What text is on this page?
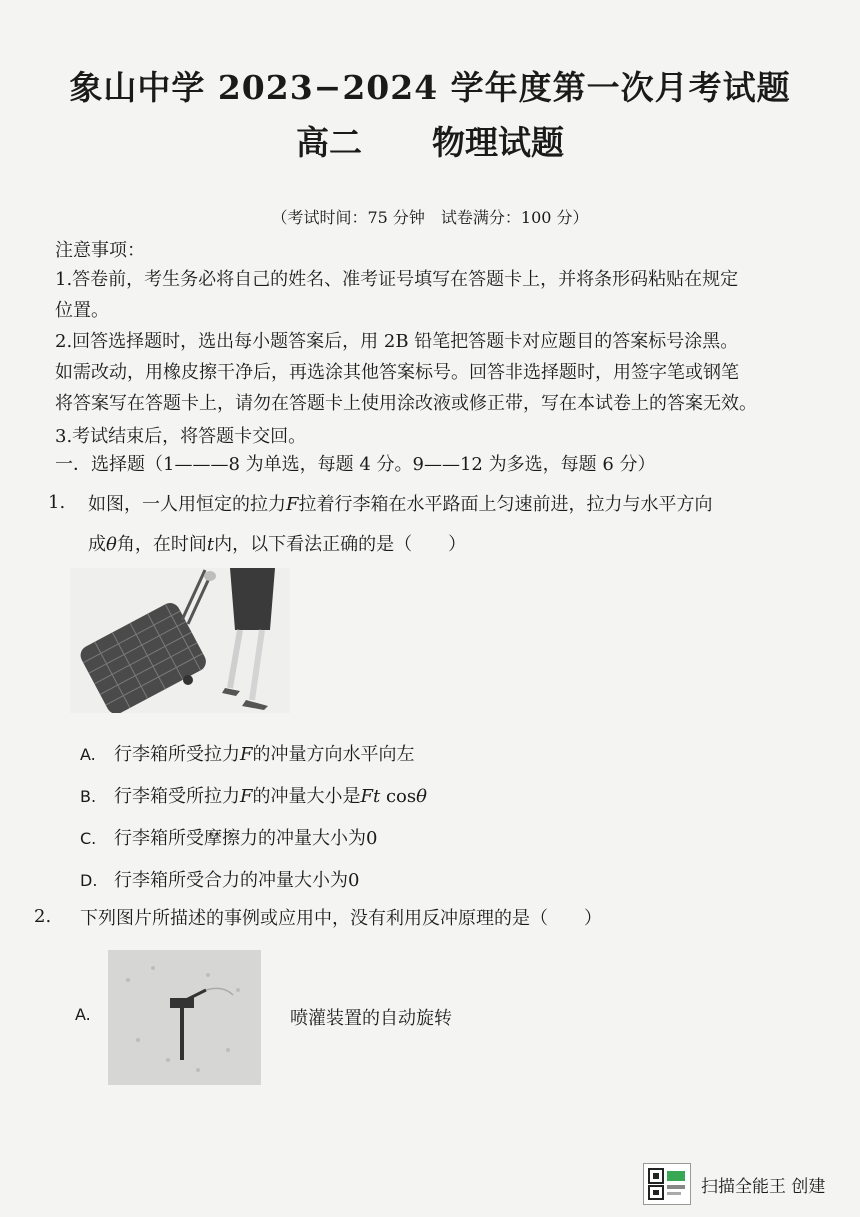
象山中学 2023−2024 学年度第一次月考试题
高二 物理试题
（考试时间：75 分钟　试卷满分：100 分）
注意事项：
1.答卷前，考生务必将自己的姓名、准考证号填写在答题卡上，并将条形码粘贴在规定
位置。
2.回答选择题时，选出每小题答案后，用 2B 铅笔把答题卡对应题目的答案标号涂黑。
如需改动，用橡皮擦干净后，再选涂其他答案标号。回答非选择题时，用签字笔或钢笔
将答案写在答题卡上，请勿在答题卡上使用涂改液或修正带，写在本试卷上的答案无效。
3.考试结束后，将答题卡交回。
一．选择题（1———8 为单选，每题 4 分。9——12 为多选，每题 6 分）
1. 如图，一人用恒定的拉力F拉着行李箱在水平路面上匀速前进，拉力与水平方向
成θ角，在时间t内，以下看法正确的是（　　）
A. 行李箱所受拉力F的冲量方向水平向左
B. 行李箱受所拉力F的冲量大小是Ft cosθ
C. 行李箱所受摩擦力的冲量大小为0
D. 行李箱所受合力的冲量大小为0
2. 下列图片所描述的事例或应用中，没有利用反冲原理的是（　　）
A.	喷灌装置的自动旋转
扫描全能王 创建
